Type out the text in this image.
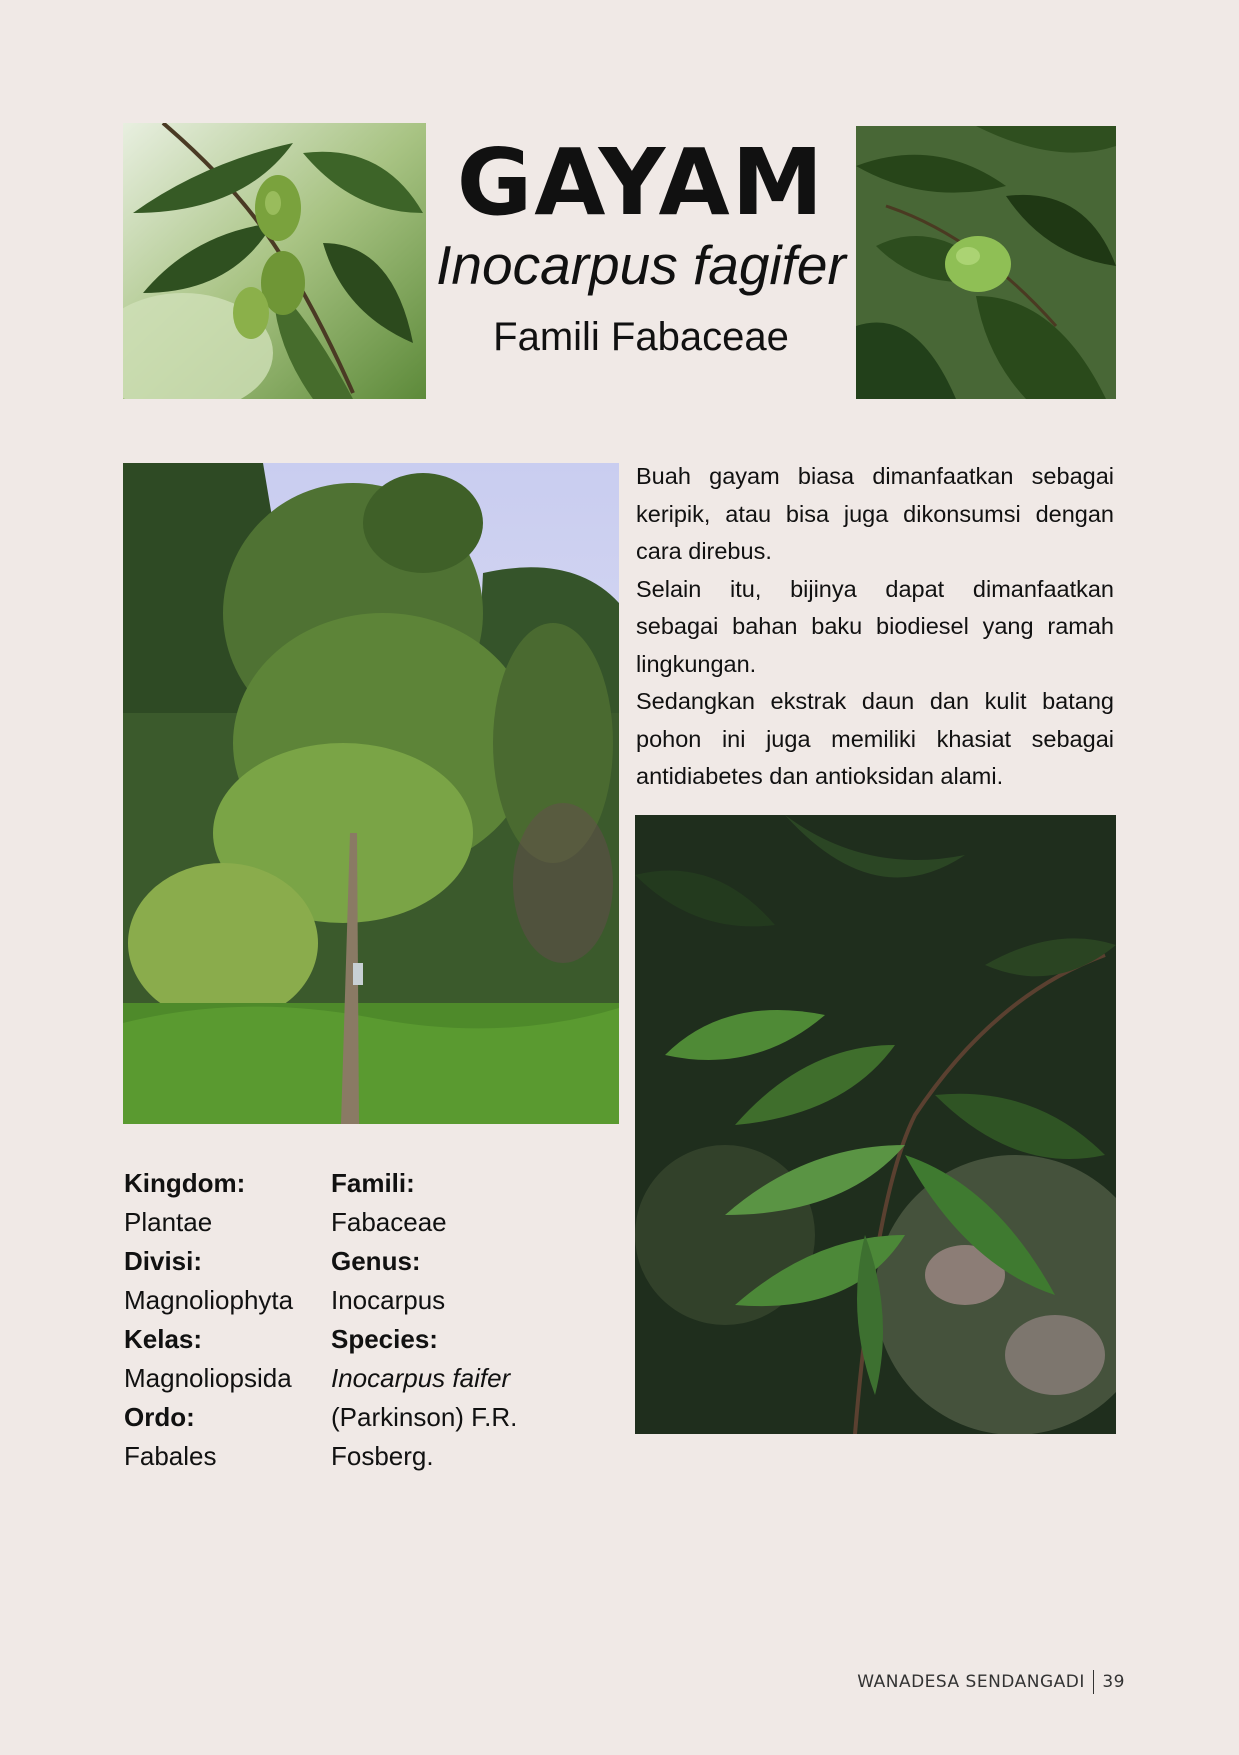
GAYAM
Inocarpus fagifer
Famili Fabaceae

Buah gayam biasa dimanfaatkan sebagai keripik, atau bisa juga dikonsumsi dengan cara direbus.

Selain itu, bijinya dapat dimanfaatkan sebagai bahan baku biodiesel yang ramah lingkungan.

Sedangkan ekstrak daun dan kulit batang pohon ini juga memiliki khasiat sebagai antidiabetes dan antioksidan alami.

Kingdom:
Plantae
Divisi:
Magnoliophyta
Kelas:
Magnoliopsida
Ordo:
Fabales
Famili:
Fabaceae
Genus:
Inocarpus
Species:
Inocarpus faifer
(Parkinson) F.R.
Fosberg.
WANADESA SENDANGADI 39
